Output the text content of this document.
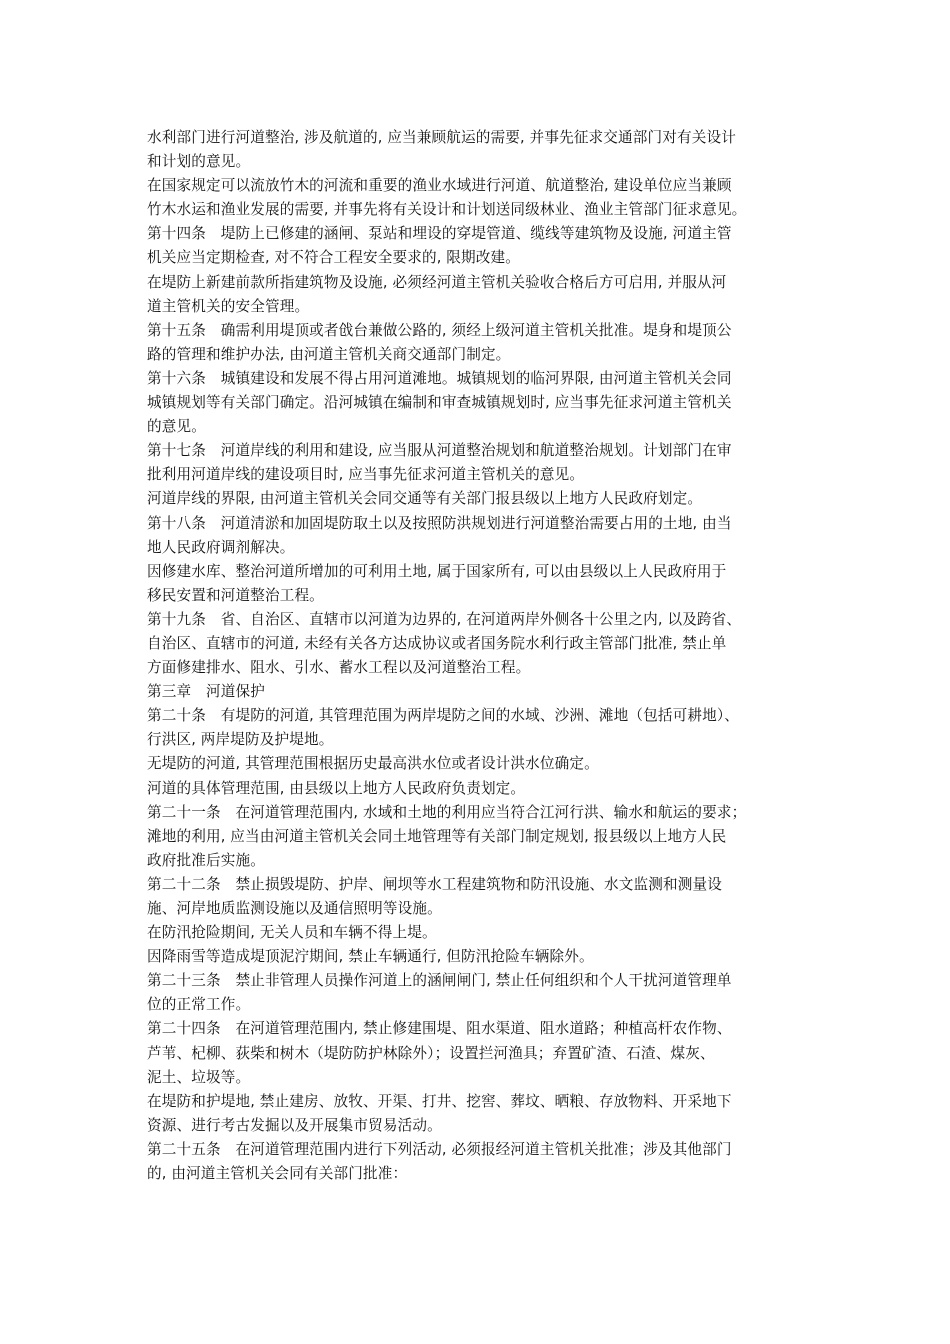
水利部门进行河道整治, 涉及航道的, 应当兼顾航运的需要, 并事先征求交通部门对有关设计
和计划的意见。
在国家规定可以流放竹木的河流和重要的渔业水域进行河道、航道整治, 建设单位应当兼顾
竹木水运和渔业发展的需要, 并事先将有关设计和计划送同级林业、渔业主管部门征求意见。
第十四条　堤防上已修建的涵闸、泵站和埋设的穿堤管道、缆线等建筑物及设施, 河道主管
机关应当定期检查, 对不符合工程安全要求的, 限期改建。
在堤防上新建前款所指建筑物及设施, 必须经河道主管机关验收合格后方可启用, 并服从河
道主管机关的安全管理。
第十五条　确需利用堤顶或者戗台兼做公路的, 须经上级河道主管机关批准。堤身和堤顶公
路的管理和维护办法, 由河道主管机关商交通部门制定。
第十六条　城镇建设和发展不得占用河道滩地。城镇规划的临河界限, 由河道主管机关会同
城镇规划等有关部门确定。沿河城镇在编制和审查城镇规划时, 应当事先征求河道主管机关
的意见。
第十七条　河道岸线的利用和建设, 应当服从河道整治规划和航道整治规划。计划部门在审
批利用河道岸线的建设项目时, 应当事先征求河道主管机关的意见。
河道岸线的界限, 由河道主管机关会同交通等有关部门报县级以上地方人民政府划定。
第十八条　河道清淤和加固堤防取土以及按照防洪规划进行河道整治需要占用的土地, 由当
地人民政府调剂解决。
因修建水库、整治河道所增加的可利用土地, 属于国家所有, 可以由县级以上人民政府用于
移民安置和河道整治工程。
第十九条　省、自治区、直辖市以河道为边界的, 在河道两岸外侧各十公里之内, 以及跨省、
自治区、直辖市的河道, 未经有关各方达成协议或者国务院水利行政主管部门批准, 禁止单
方面修建排水、阻水、引水、蓄水工程以及河道整治工程。
第三章　河道保护
第二十条　有堤防的河道, 其管理范围为两岸堤防之间的水域、沙洲、滩地（包括可耕地）、
行洪区, 两岸堤防及护堤地。
无堤防的河道, 其管理范围根据历史最高洪水位或者设计洪水位确定。
河道的具体管理范围, 由县级以上地方人民政府负责划定。
第二十一条　在河道管理范围内, 水域和土地的利用应当符合江河行洪、输水和航运的要求；
滩地的利用, 应当由河道主管机关会同土地管理等有关部门制定规划, 报县级以上地方人民
政府批准后实施。
第二十二条　禁止损毁堤防、护岸、闸坝等水工程建筑物和防汛设施、水文监测和测量设
施、河岸地质监测设施以及通信照明等设施。
在防汛抢险期间, 无关人员和车辆不得上堤。
因降雨雪等造成堤顶泥泞期间, 禁止车辆通行, 但防汛抢险车辆除外。
第二十三条　禁止非管理人员操作河道上的涵闸闸门, 禁止任何组织和个人干扰河道管理单
位的正常工作。
第二十四条　在河道管理范围内, 禁止修建围堤、阻水渠道、阻水道路；种植高杆农作物、
芦苇、杞柳、荻柴和树木（堤防防护林除外）；设置拦河渔具；弃置矿渣、石渣、煤灰、
泥土、垃圾等。
在堤防和护堤地, 禁止建房、放牧、开渠、打井、挖窖、葬坟、晒粮、存放物料、开采地下
资源、进行考古发掘以及开展集市贸易活动。
第二十五条　在河道管理范围内进行下列活动, 必须报经河道主管机关批准；涉及其他部门
的, 由河道主管机关会同有关部门批准：
